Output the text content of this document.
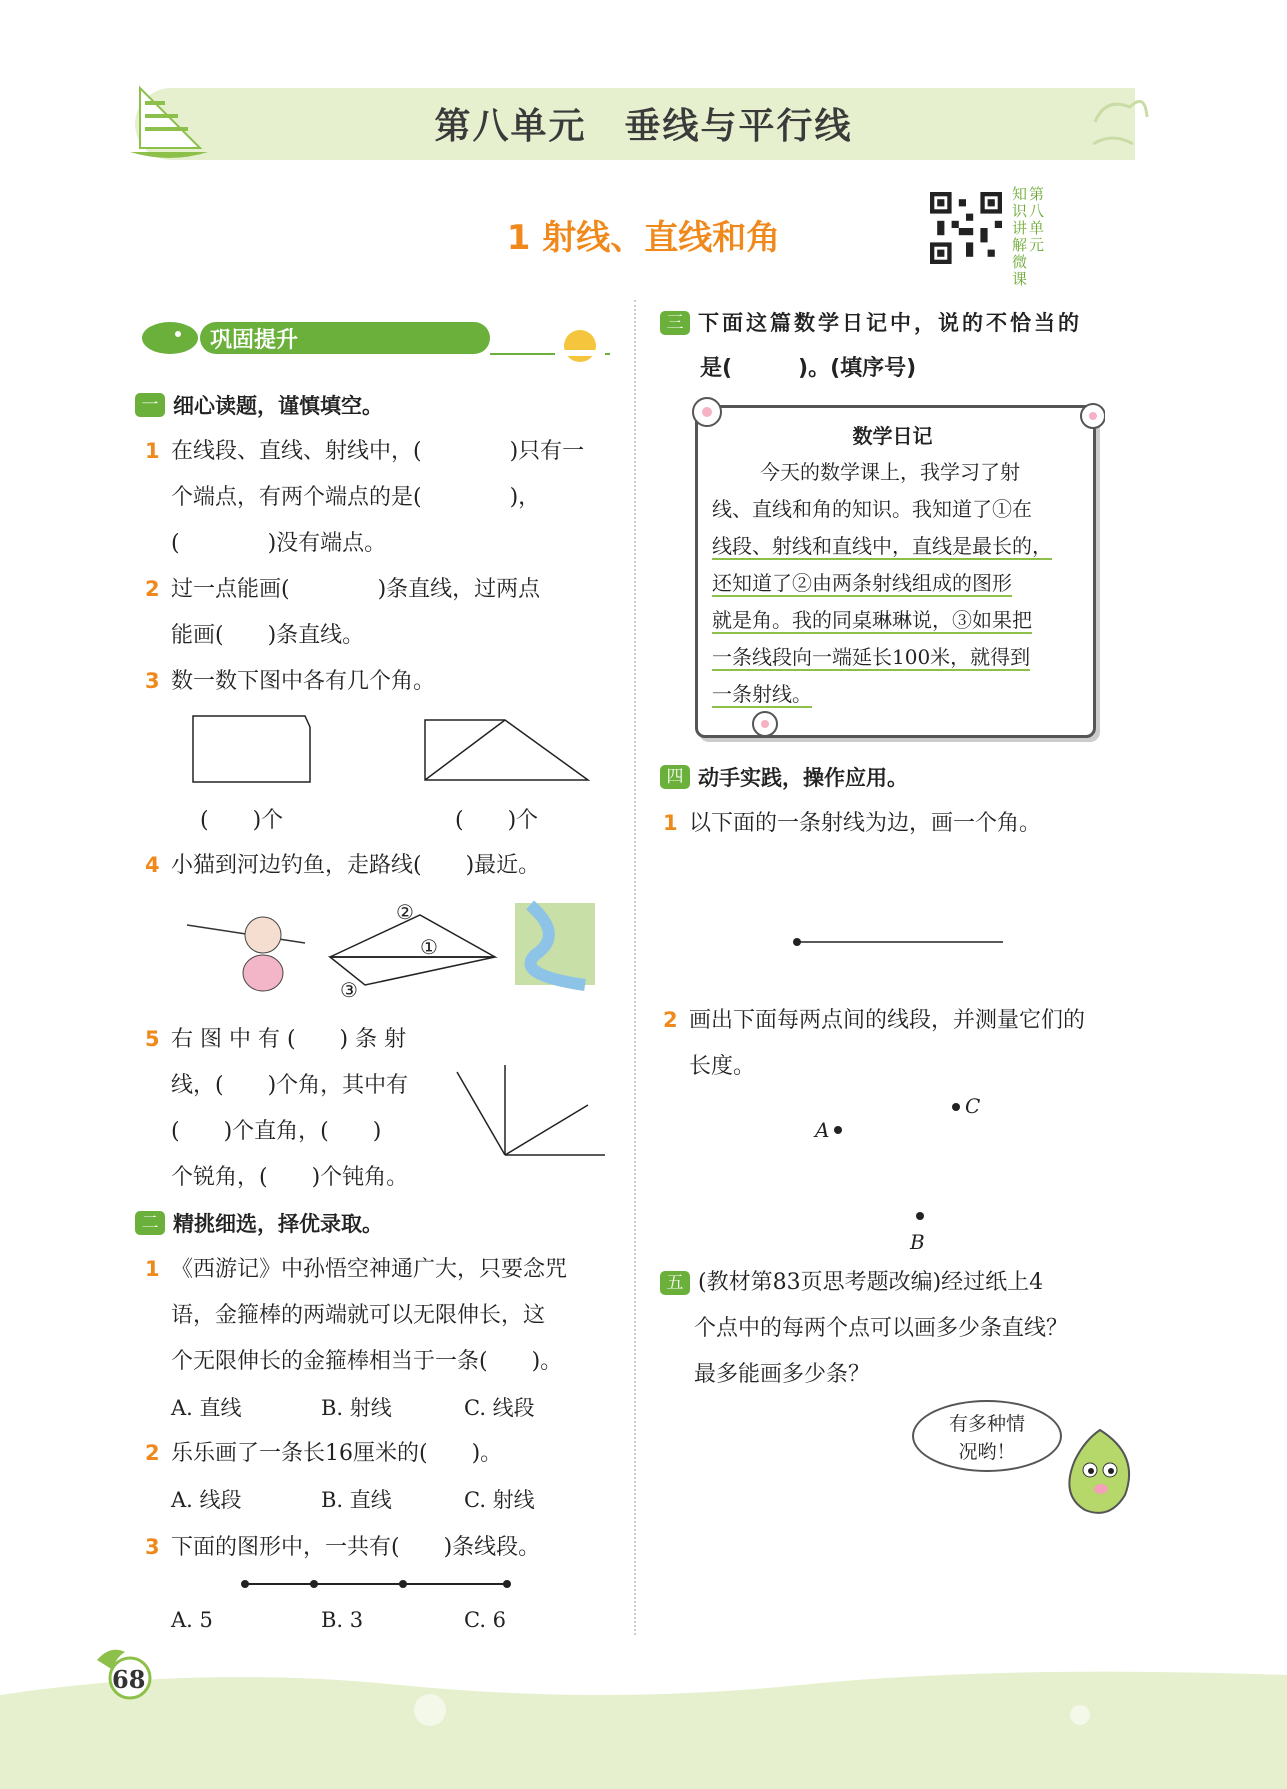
第八单元　垂线与平行线
1 射线、直线和角
知识讲解微课
第八单元
巩固提升
一 细心读题，谨慎填空。
1 在线段、直线、射线中，(　　　　)只有一
个端点，有两个端点的是(　　　　)，
(　　　　)没有端点。
2 过一点能画(　　　　)条直线，过两点
能画(　　)条直线。
3 数一数下图中各有几个角。
(　　)个	(　　)个
4 小猫到河边钓鱼，走路线(　　)最近。
②
①
③
5 右 图 中 有 (　　) 条 射
线，(　　)个角，其中有
(　　)个直角，(　　)
个锐角，(　　)个钝角。
二 精挑细选，择优录取。
1 《西游记》中孙悟空神通广大，只要念咒
语，金箍棒的两端就可以无限伸长，这
个无限伸长的金箍棒相当于一条(　　)。
A. 直线	B. 射线	C. 线段
2 乐乐画了一条长16厘米的(　　)。
A. 线段	B. 直线	C. 射线
3 下面的图形中，一共有(　　)条线段。
A. 5	B. 3	C. 6
三 下面这篇数学日记中，说的不恰当的
是(　　　)。(填序号)
数学日记
今天的数学课上，我学习了射
线、直线和角的知识。我知道了①在
线段、射线和直线中，直线是最长的，
还知道了②由两条射线组成的图形
就是角。我的同桌琳琳说，③如果把
一条线段向一端延长100米，就得到
一条射线。
四 动手实践，操作应用。
1 以下面的一条射线为边，画一个角。
2 画出下面每两点间的线段，并测量它们的
长度。
A
C
B
五 (教材第83页思考题改编)经过纸上4
个点中的每两个点可以画多少条直线？
最多能画多少条？
有多种情
况哟！
68
